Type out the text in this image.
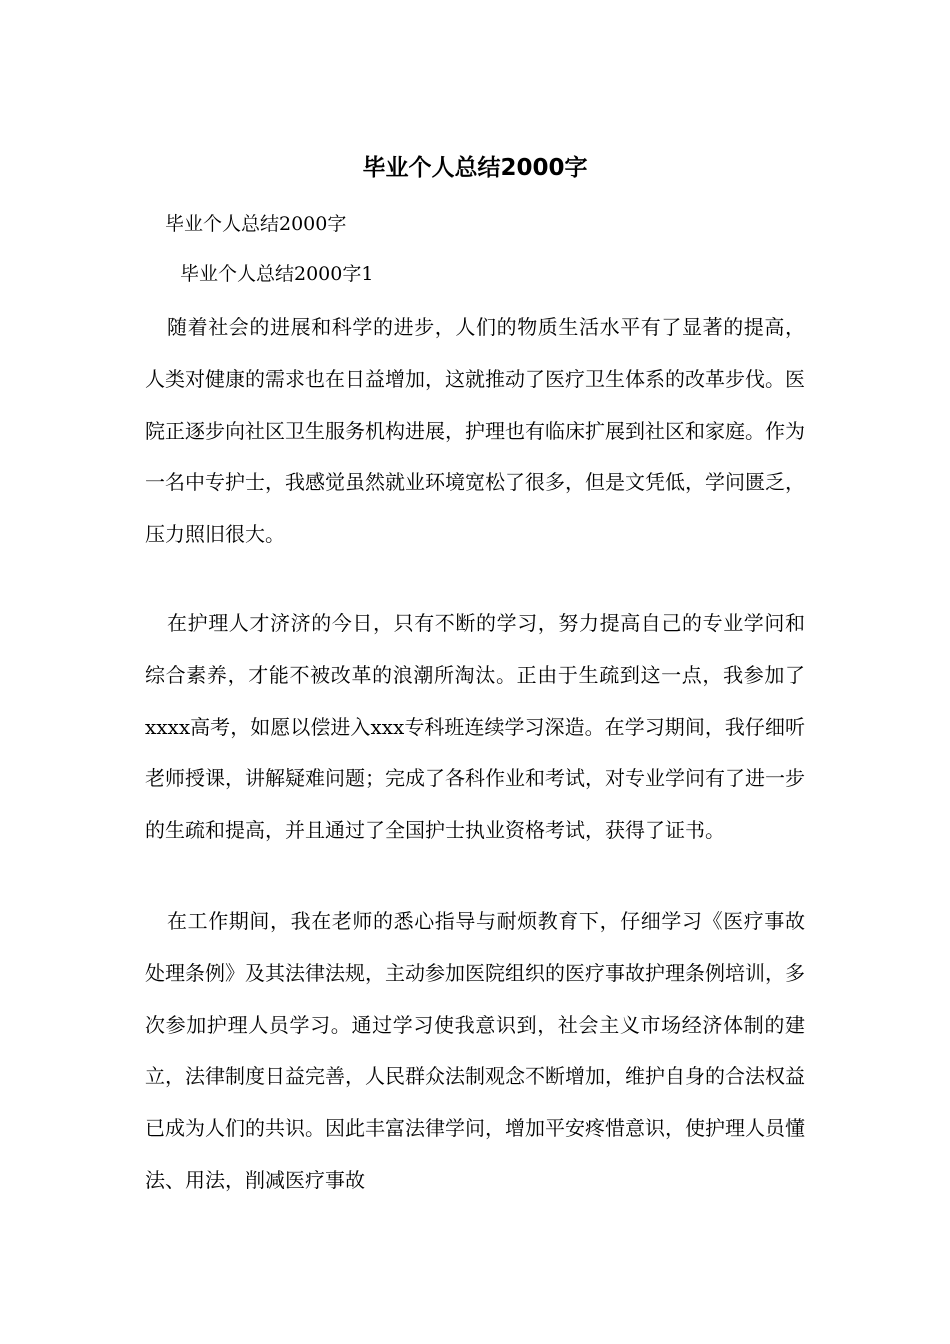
毕业个人总结2000字

毕业个人总结2000字

毕业个人总结2000字1

随着社会的进展和科学的进步，人们的物质生活水平有了显著的提高，人类对健康的需求也在日益增加，这就推动了医疗卫生体系的改革步伐。医院正逐步向社区卫生服务机构进展，护理也有临床扩展到社区和家庭。作为一名中专护士，我感觉虽然就业环境宽松了很多，但是文凭低，学问匮乏，压力照旧很大。

在护理人才济济的今日，只有不断的学习，努力提高自己的专业学问和综合素养，才能不被改革的浪潮所淘汰。正由于生疏到这一点，我参加了xxxx高考，如愿以偿进入xxx专科班连续学习深造。在学习期间，我仔细听老师授课，讲解疑难问题；完成了各科作业和考试，对专业学问有了进一步的生疏和提高，并且通过了全国护士执业资格考试，获得了证书。

在工作期间，我在老师的悉心指导与耐烦教育下，仔细学习《医疗事故处理条例》及其法律法规，主动参加医院组织的医疗事故护理条例培训，多次参加护理人员学习。通过学习使我意识到，社会主义市场经济体制的建立，法律制度日益完善，人民群众法制观念不断增加，维护自身的合法权益已成为人们的共识。因此丰富法律学问，增加平安疼惜意识，使护理人员懂法、用法，削减医疗事故
